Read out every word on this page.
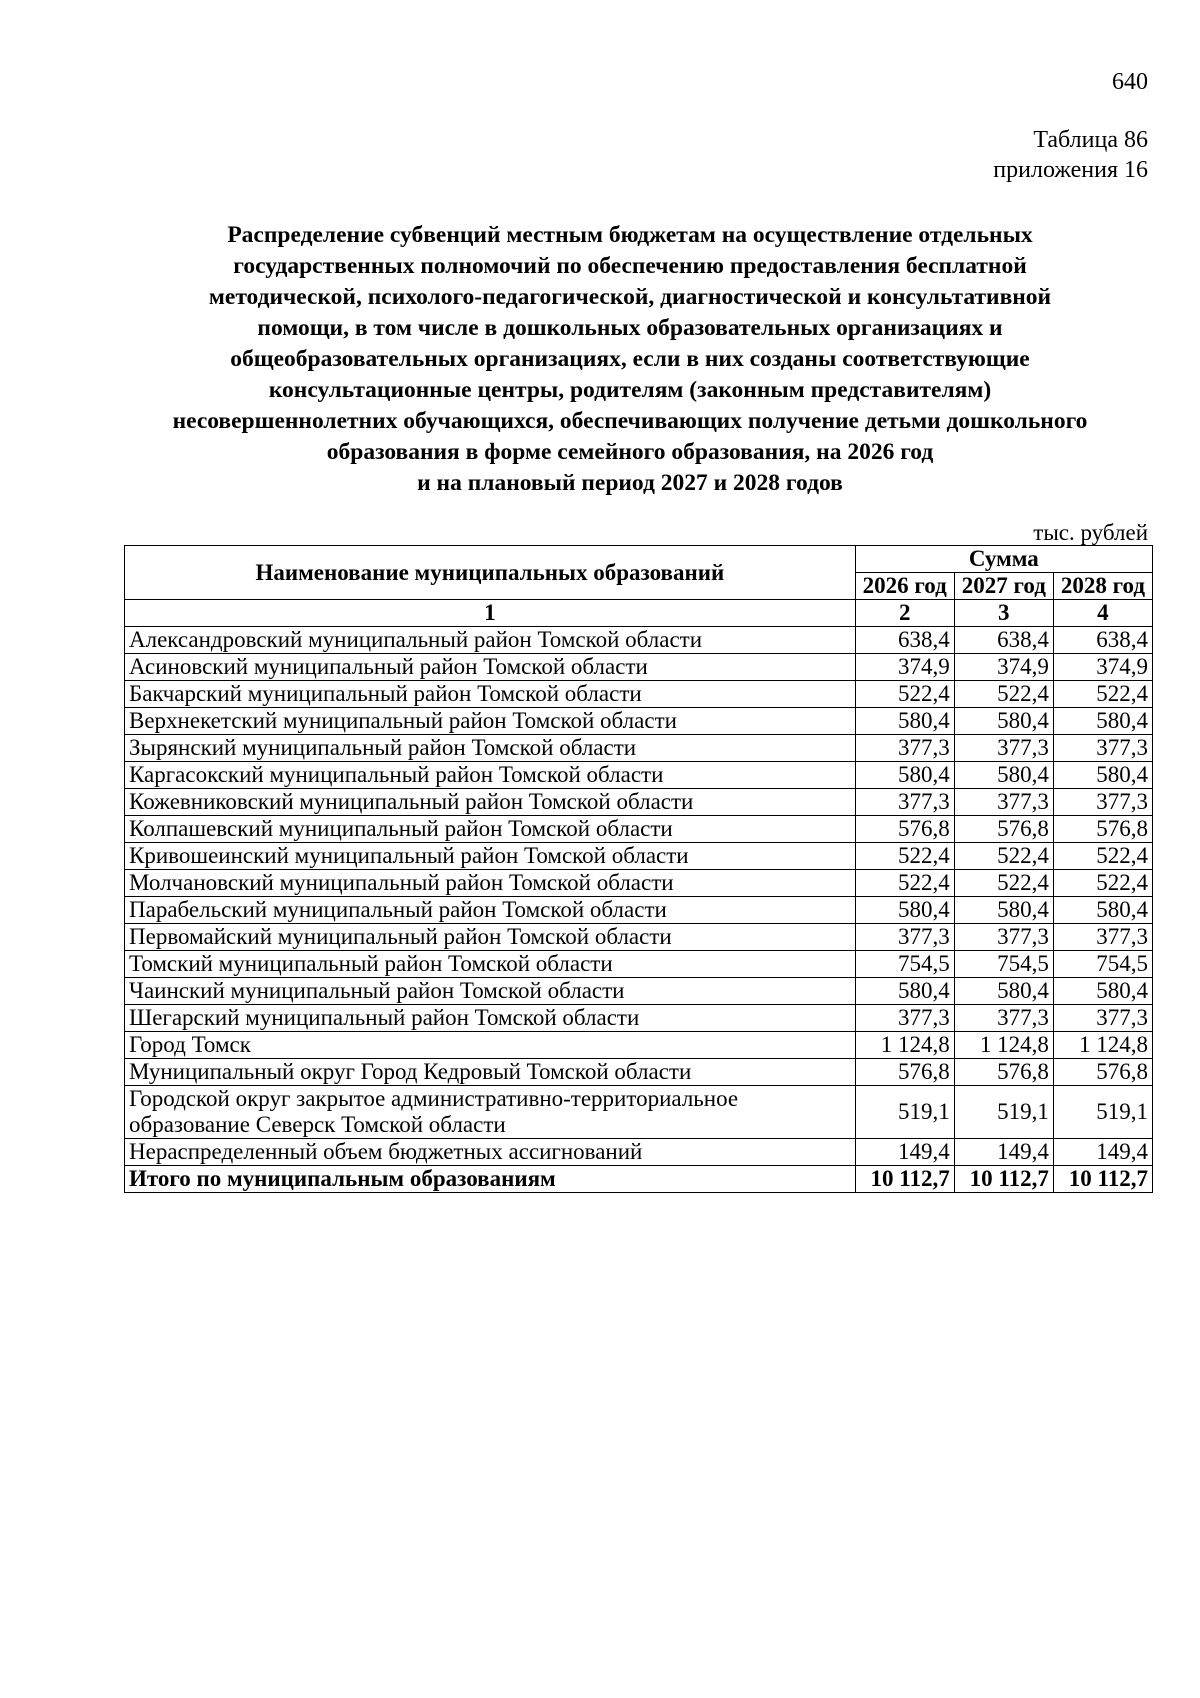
640
Таблица 86
приложения 16
Распределение субвенций местным бюджетам на осуществление отдельных
государственных полномочий по обеспечению предоставления бесплатной
методической, психолого-педагогической, диагностической и консультативной
помощи, в том числе в дошкольных образовательных организациях и
общеобразовательных организациях, если в них созданы соответствующие
консультационные центры, родителям (законным представителям)
несовершеннолетних обучающихся, обеспечивающих получение детьми дошкольного
образования в форме семейного образования, на 2026 год
и на плановый период 2027 и 2028 годов
тыс. рублей
Наименование муниципальных образований	Сумма		
	2026 год	2027 год	2028 год
1	2	3	4
Александровский муниципальный район Томской области	638,4	638,4	638,4
Асиновский муниципальный район Томской области	374,9	374,9	374,9
Бакчарский муниципальный район Томской области	522,4	522,4	522,4
Верхнекетский муниципальный район Томской области	580,4	580,4	580,4
Зырянский муниципальный район Томской области	377,3	377,3	377,3
Каргасокский муниципальный район Томской области	580,4	580,4	580,4
Кожевниковский муниципальный район Томской области	377,3	377,3	377,3
Колпашевский муниципальный район Томской области	576,8	576,8	576,8
Кривошеинский муниципальный район Томской области	522,4	522,4	522,4
Молчановский муниципальный район Томской области	522,4	522,4	522,4
Парабельский муниципальный район Томской области	580,4	580,4	580,4
Первомайский муниципальный район Томской области	377,3	377,3	377,3
Томский муниципальный район Томской области	754,5	754,5	754,5
Чаинский муниципальный район Томской области	580,4	580,4	580,4
Шегарский муниципальный район Томской области	377,3	377,3	377,3
Город Томск	1 124,8	1 124,8	1 124,8
Муниципальный округ Город Кедровый Томской области	576,8	576,8	576,8
Городской округ закрытое административно-территориальное образование Северск Томской области	519,1	519,1	519,1
Нераспределенный объем бюджетных ассигнований	149,4	149,4	149,4
Итого по муниципальным образованиям	10 112,7	10 112,7	10 112,7
